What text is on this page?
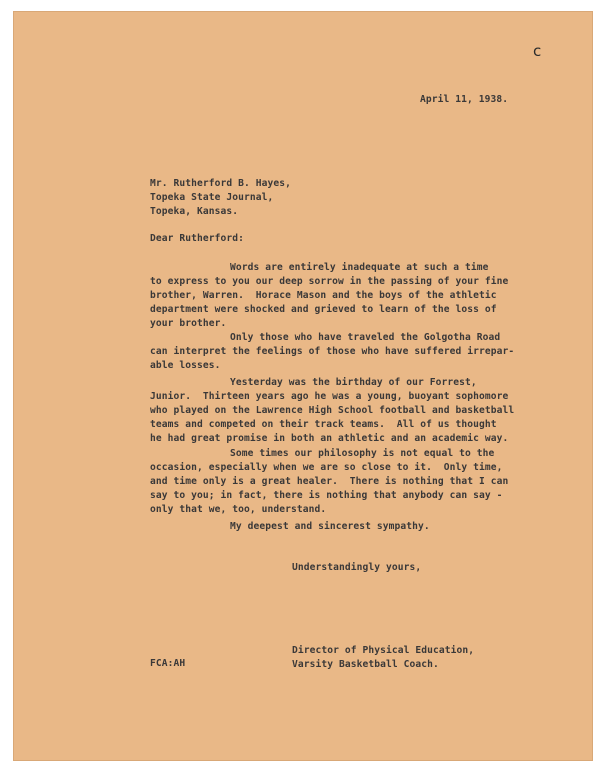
c
April 11, 1938.
Mr. Rutherford B. Hayes,
Topeka State Journal,
Topeka, Kansas.
Dear Rutherford:
Words are entirely inadequate at such a time
to express to you our deep sorrow in the passing of your fine
brother, Warren.  Horace Mason and the boys of the athletic
department were shocked and grieved to learn of the loss of
your brother.
Only those who have traveled the Golgotha Road
can interpret the feelings of those who have suffered irrepar-
able losses.
Yesterday was the birthday of our Forrest,
Junior.  Thirteen years ago he was a young, buoyant sophomore
who played on the Lawrence High School football and basketball
teams and competed on their track teams.  All of us thought
he had great promise in both an athletic and an academic way.
Some times our philosophy is not equal to the
occasion, especially when we are so close to it.  Only time,
and time only is a great healer.  There is nothing that I can
say to you; in fact, there is nothing that anybody can say -
only that we, too, understand.
My deepest and sincerest sympathy.
Understandingly yours,
FCA:AH
Director of Physical Education,
Varsity Basketball Coach.
